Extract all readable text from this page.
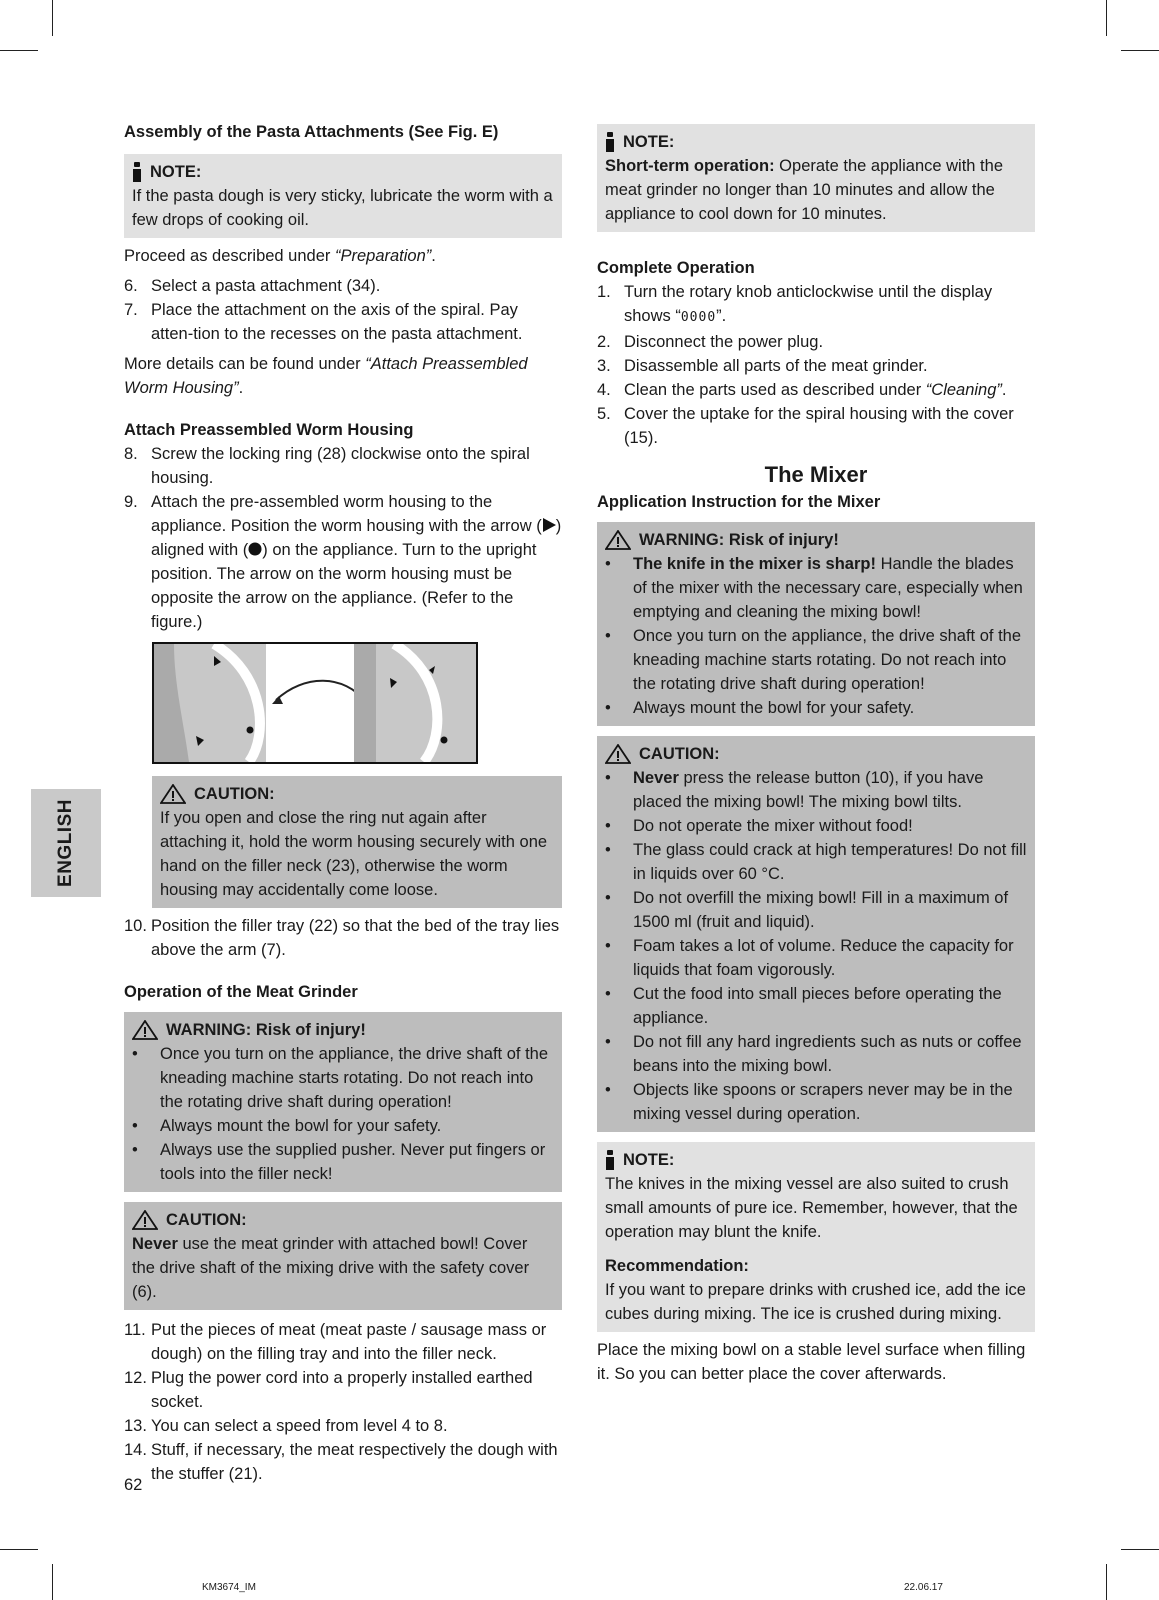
ENGLISH
Assembly of the Pasta Attachments (See Fig. E)
NOTE:

If the pasta dough is very sticky, lubricate the worm with a few drops of cooking oil.

Proceed as described under “Preparation”.

6. Select a pasta attachment (34).
7. Place the attachment on the axis of the spiral. Pay atten-tion to the recesses on the pasta attachment.

More details can be found under “Attach Preassembled Worm Housing”.

Attach Preassembled Worm Housing
8. Screw the locking ring (28) clockwise onto the spiral housing.
9. Attach the pre-assembled worm housing to the appliance. Position the worm housing with the arrow ( ) aligned with ( ) on the appliance. Turn to the upright position. The arrow on the worm housing must be opposite the arrow on the appliance. (Refer to the figure.)
CAUTION:

If you open and close the ring nut again after attaching it, hold the worm housing securely with one hand on the filler neck (23), otherwise the worm housing may accidentally come loose.

10. Position the filler tray (22) so that the bed of the tray lies above the arm (7).
Operation of the Meat Grinder
WARNING: Risk of injury!
•	Once you turn on the appliance, the drive shaft of the kneading machine starts rotating. Do not reach into the rotating drive shaft during operation!
•	Always mount the bowl for your safety.
•	Always use the supplied pusher. Never put fingers or tools into the filler neck!
CAUTION:

Never use the meat grinder with attached bowl! Cover the drive shaft of the mixing drive with the safety cover (6).

11. Put the pieces of meat (meat paste / sausage mass or dough) on the filling tray and into the filler neck.
12. Plug the power cord into a properly installed earthed socket.
13. You can select a speed from level 4 to 8.
14. Stuff, if necessary, the meat respectively the dough with the stuffer (21).
NOTE:

Short-term operation: Operate the appliance with the meat grinder no longer than 10 minutes and allow the appliance to cool down for 10 minutes.

Complete Operation
1. Turn the rotary knob anticlockwise until the display shows “0000”.
2. Disconnect the power plug.
3. Disassemble all parts of the meat grinder.
4. Clean the parts used as described under “Cleaning”.
5. Cover the uptake for the spiral housing with the cover (15).
The Mixer
Application Instruction for the Mixer
WARNING: Risk of injury!
•	The knife in the mixer is sharp! Handle the blades of the mixer with the necessary care, especially when emptying and cleaning the mixing bowl!
•	Once you turn on the appliance, the drive shaft of the kneading machine starts rotating. Do not reach into the rotating drive shaft during operation!
•	Always mount the bowl for your safety.
CAUTION:
•	Never press the release button (10), if you have placed the mixing bowl! The mixing bowl tilts.
•	Do not operate the mixer without food!
•	The glass could crack at high temperatures! Do not fill in liquids over 60 °C.
•	Do not overfill the mixing bowl! Fill in a maximum of 1500 ml (fruit and liquid).
•	Foam takes a lot of volume. Reduce the capacity for liquids that foam vigorously.
•	Cut the food into small pieces before operating the appliance.
•	Do not fill any hard ingredients such as nuts or coffee beans into the mixing bowl.
•	Objects like spoons or scrapers never may be in the mixing vessel during operation.
NOTE:

The knives in the mixing vessel are also suited to crush small amounts of pure ice. Remember, however, that the operation may blunt the knife.

Recommendation:

If you want to prepare drinks with crushed ice, add the ice cubes during mixing. The ice is crushed during mixing.

Place the mixing bowl on a stable level surface when filling it. So you can better place the cover afterwards.

62
KM3674_IM	22.06.17
